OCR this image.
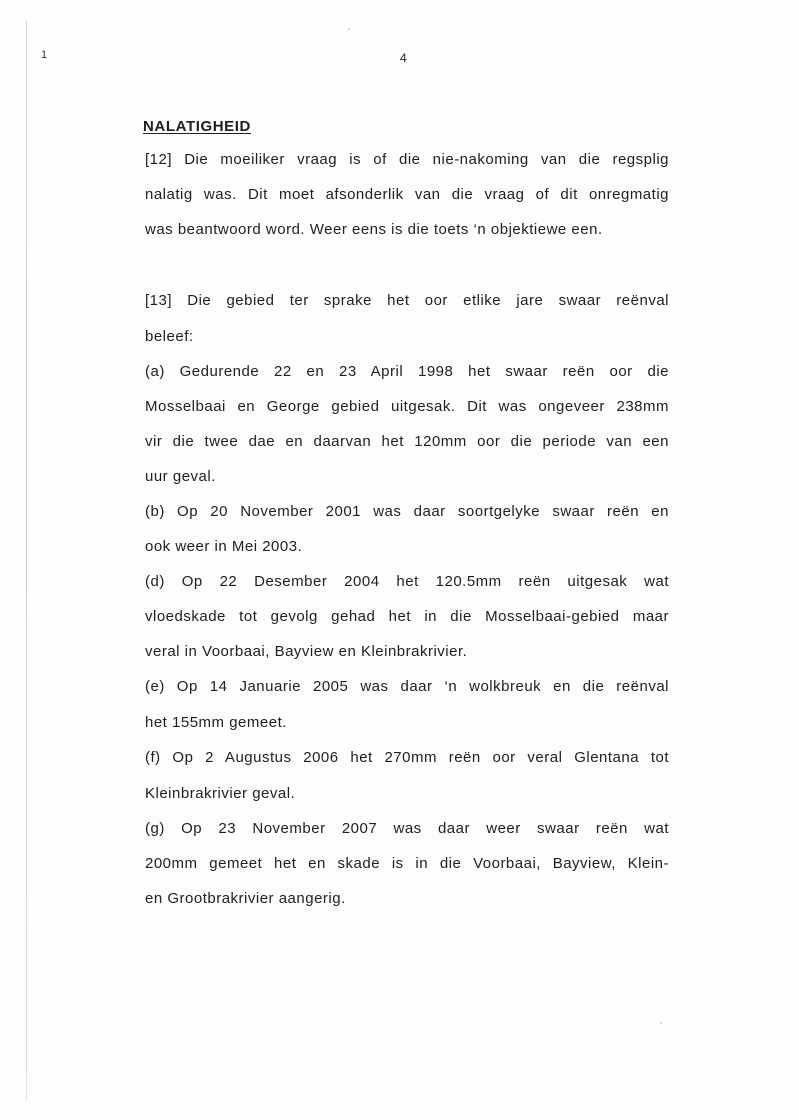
1	4
NALATIGHEID
[12] Die moeiliker vraag is of die nie-nakoming van die regsplig
nalatig was. Dit moet afsonderlik van die vraag of dit onregmatig
was beantwoord word. Weer eens is die toets ‘n objektiewe een.
[13] Die gebied ter sprake het oor etlike jare swaar reënval
beleef:
(a) Gedurende 22 en 23 April 1998 het swaar reën oor die
Mosselbaai en George gebied uitgesak. Dit was ongeveer 238mm
vir die twee dae en daarvan het 120mm oor die periode van een
uur geval.
(b) Op 20 November 2001 was daar soortgelyke swaar reën en
ook weer in Mei 2003.
(d) Op 22 Desember 2004 het 120.5mm reën uitgesak wat
vloedskade tot gevolg gehad het in die Mosselbaai-gebied maar
veral in Voorbaai, Bayview en Kleinbrakrivier.
(e) Op 14 Januarie 2005 was daar ‘n wolkbreuk en die reënval
het 155mm gemeet.
(f) Op 2 Augustus 2006 het 270mm reën oor veral Glentana tot
Kleinbrakrivier geval.
(g) Op 23 November 2007 was daar weer swaar reën wat
200mm gemeet het en skade is in die Voorbaai, Bayview, Klein-
en Grootbrakrivier aangerig.
